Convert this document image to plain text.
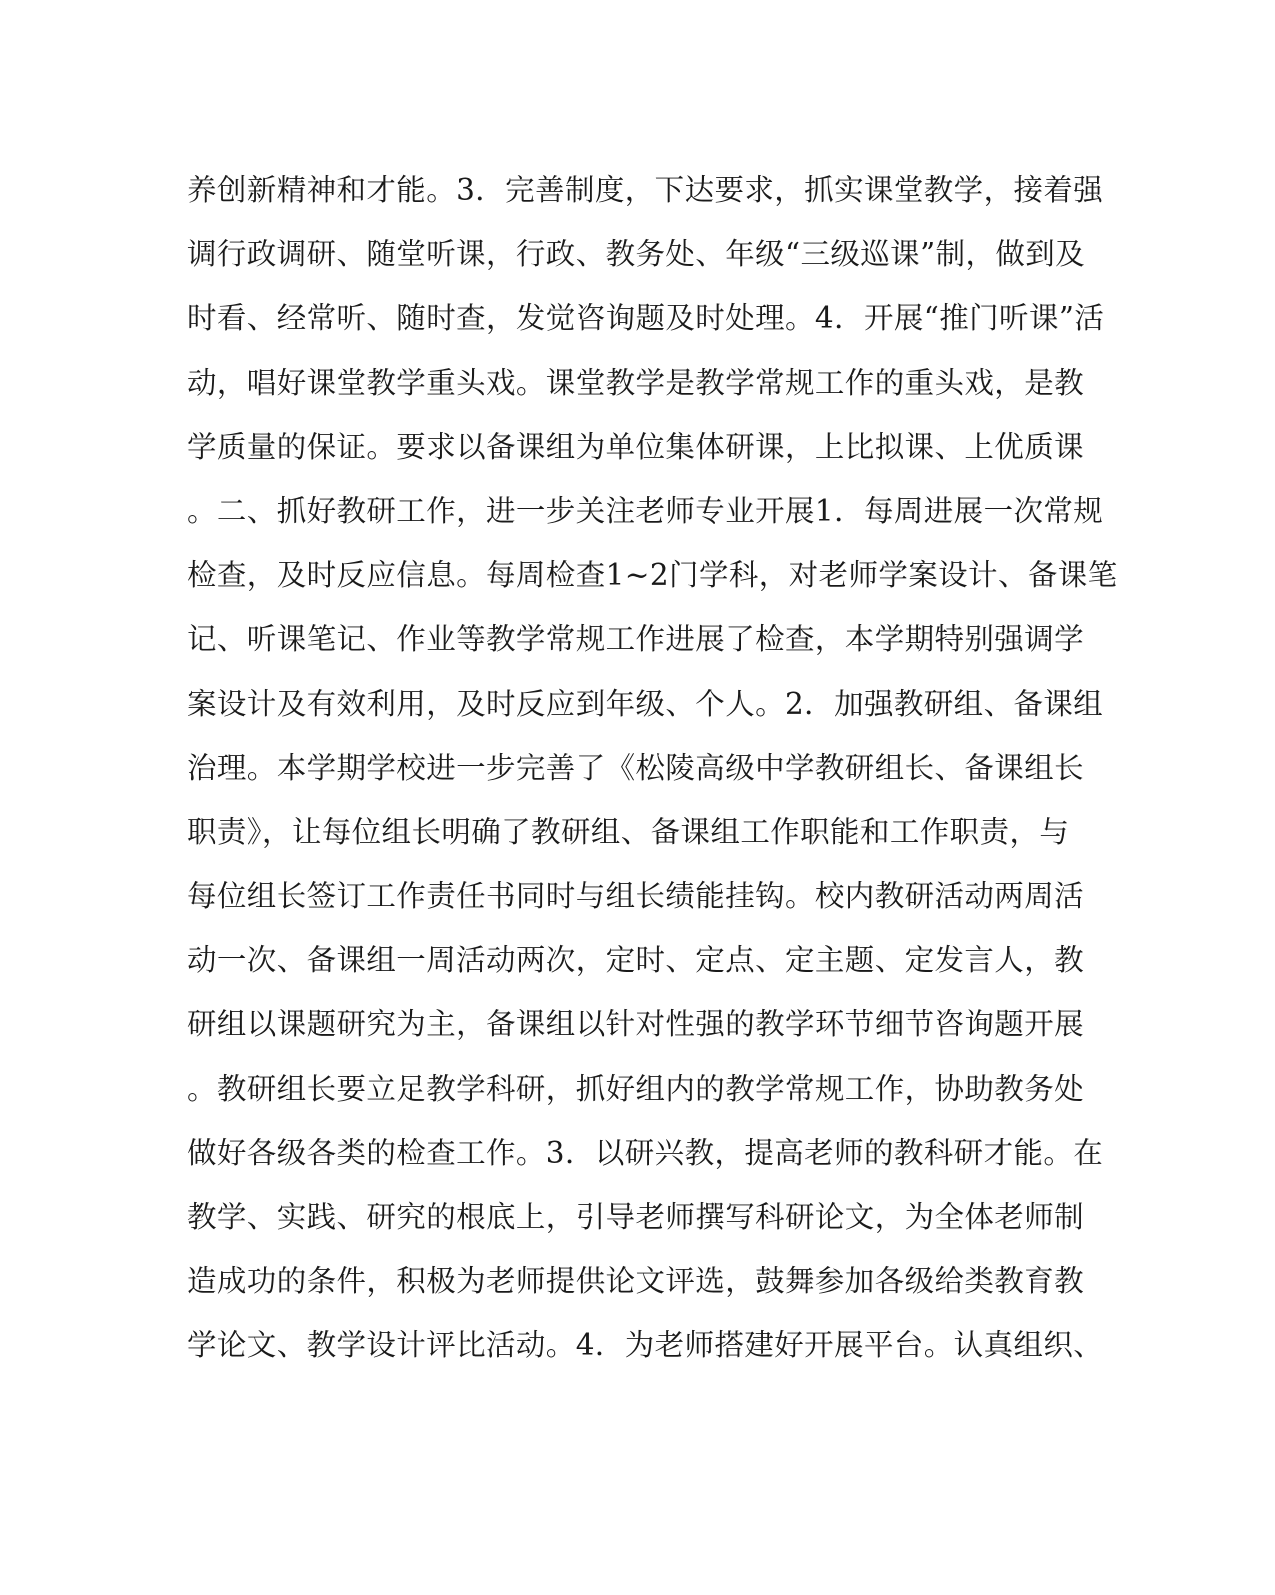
养创新精神和才能。3．完善制度，下达要求，抓实课堂教学，接着强
调行政调研、随堂听课，行政、教务处、年级“三级巡课”制，做到及
时看、经常听、随时查，发觉咨询题及时处理。4．开展“推门听课”活
动，唱好课堂教学重头戏。课堂教学是教学常规工作的重头戏，是教
学质量的保证。要求以备课组为单位集体研课，上比拟课、上优质课
。二、抓好教研工作，进一步关注老师专业开展1．每周进展一次常规
检查，及时反应信息。每周检查1~2门学科，对老师学案设计、备课笔
记、听课笔记、作业等教学常规工作进展了检查，本学期特别强调学
案设计及有效利用，及时反应到年级、个人。2．加强教研组、备课组
治理。本学期学校进一步完善了《松陵高级中学教研组长、备课组长
职责》，让每位组长明确了教研组、备课组工作职能和工作职责，与
每位组长签订工作责任书同时与组长绩能挂钩。校内教研活动两周活
动一次、备课组一周活动两次，定时、定点、定主题、定发言人，教
研组以课题研究为主，备课组以针对性强的教学环节细节咨询题开展
。教研组长要立足教学科研，抓好组内的教学常规工作，协助教务处
做好各级各类的检查工作。3．以研兴教，提高老师的教科研才能。在
教学、实践、研究的根底上，引导老师撰写科研论文，为全体老师制
造成功的条件，积极为老师提供论文评选，鼓舞参加各级给类教育教
学论文、教学设计评比活动。4．为老师搭建好开展平台。认真组织、
